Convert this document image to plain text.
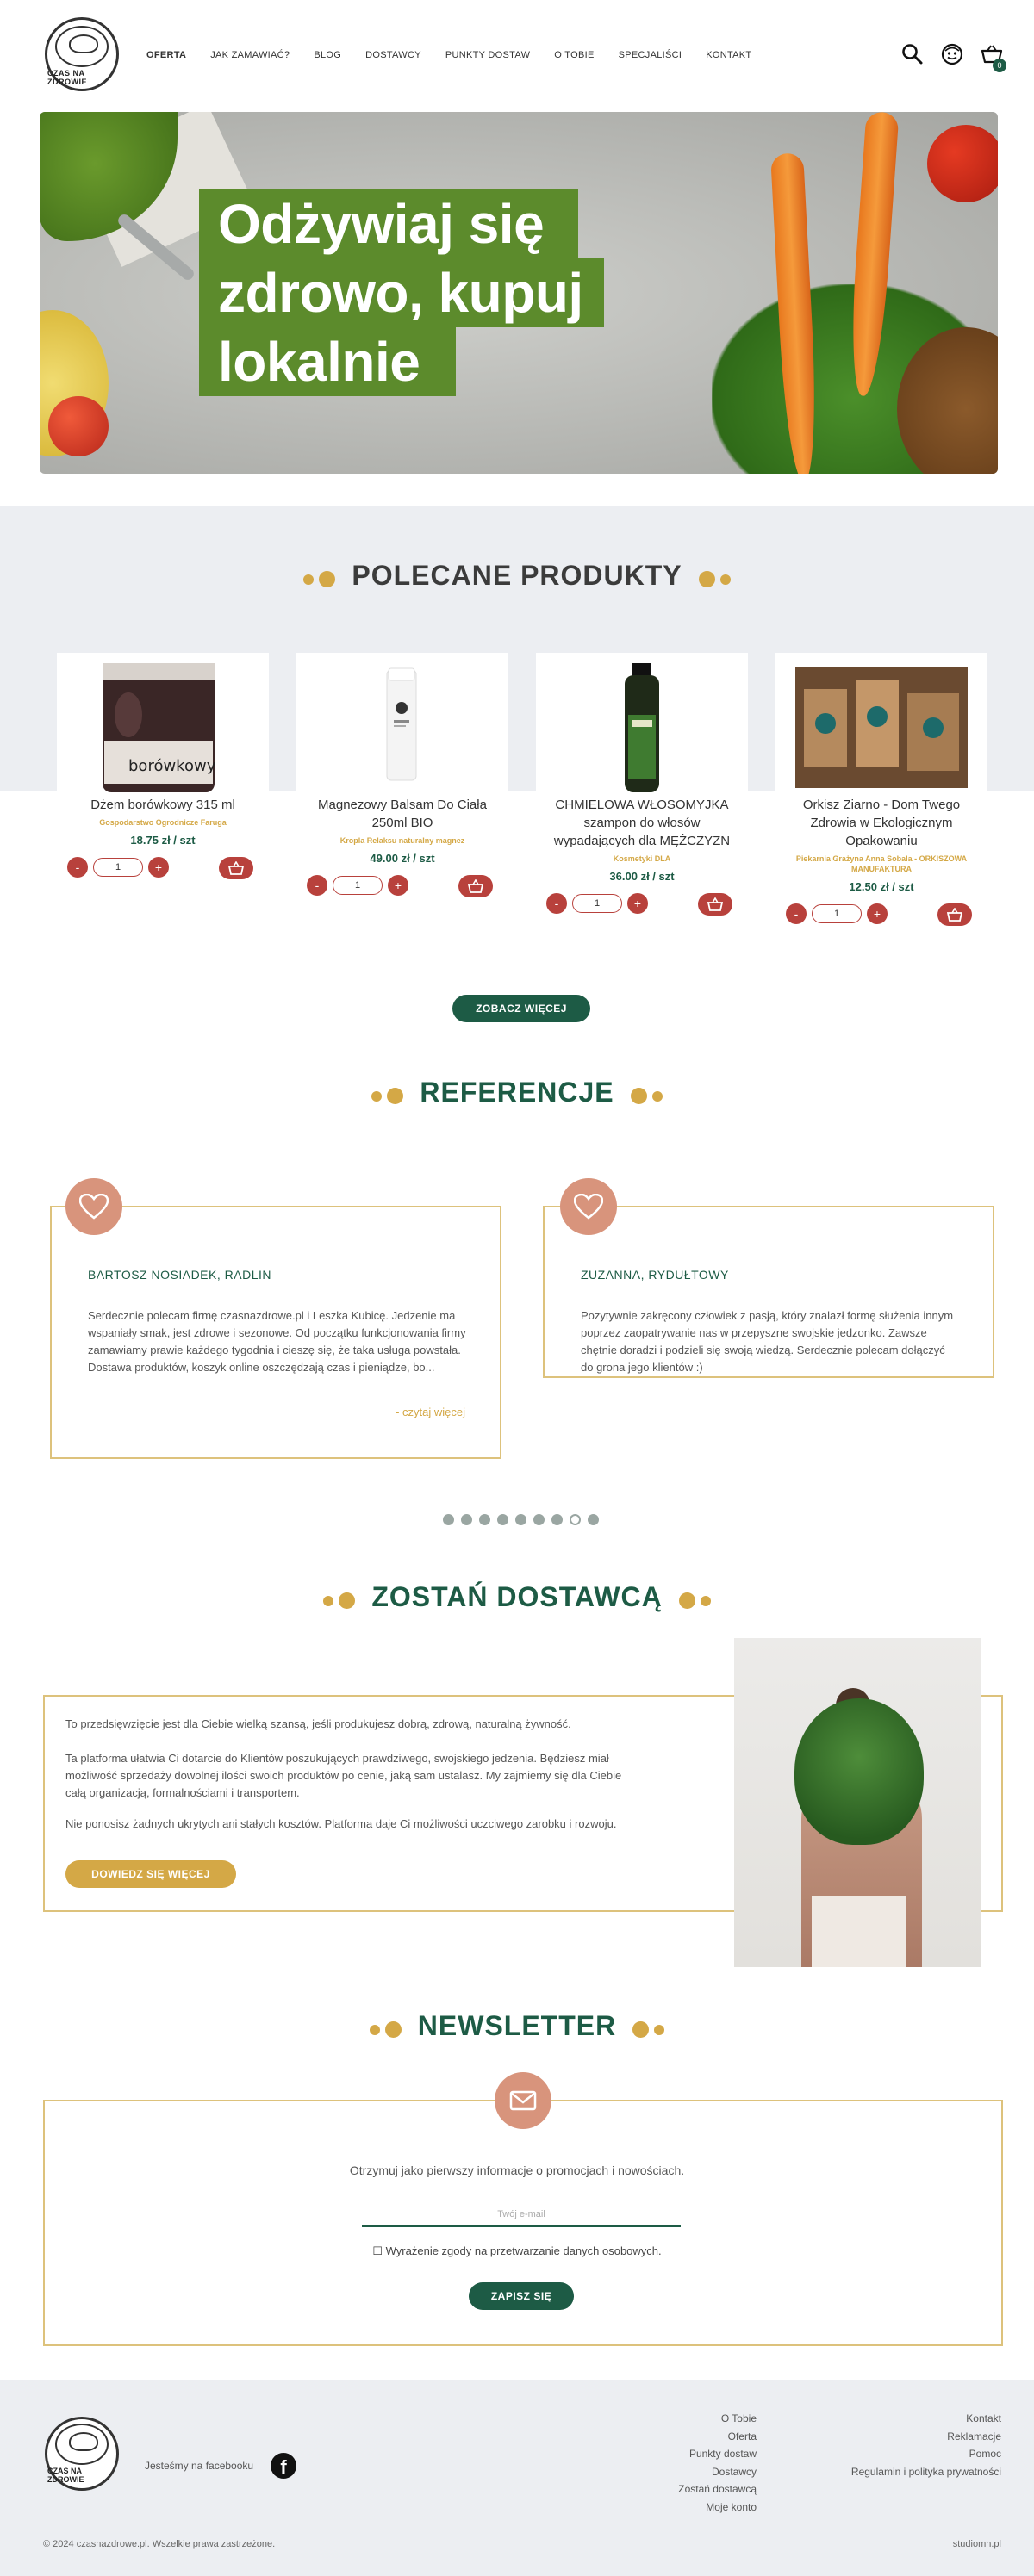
CZAS NA ZDROWIE
OFERTA	JAK ZAMAWIAĆ?	BLOG	DOSTAWCY	PUNKTY DOSTAW	O TOBIE	SPECJALIŚCI	KONTAKT
0
Odżywiaj się
zdrowo, kupuj
lokalnie
POLECANE PRODUKTY
borówkowy
Dżem borówkowy 315 ml
Gospodarstwo Ogrodnicze Faruga
18.75 zł / szt
-	1	+
Magnezowy Balsam Do Ciała 250ml BIO
Kropla Relaksu naturalny magnez
49.00 zł / szt
-	1	+
CHMIELOWA WŁOSOMYJKA szampon do włosów wypadających dla MĘŻCZYZN
Kosmetyki DLA
36.00 zł / szt
-	1	+
Orkisz Ziarno - Dom Twego Zdrowia w Ekologicznym Opakowaniu
Piekarnia Grażyna Anna Sobala - ORKISZOWA MANUFAKTURA
12.50 zł / szt
-	1	+
ZOBACZ WIĘCEJ
REFERENCJE
BARTOSZ NOSIADEK, RADLIN
Serdecznie polecam firmę czasnazdrowe.pl i Leszka Kubicę. Jedzenie ma wspaniały smak, jest zdrowe i sezonowe. Od początku funkcjonowania firmy zamawiamy prawie każdego tygodnia i cieszę się, że taka usługa powstała. Dostawa produktów, koszyk online oszczędzają czas i pieniądze, bo...
- czytaj więcej
ZUZANNA, RYDUŁTOWY
Pozytywnie zakręcony człowiek z pasją, który znalazł formę służenia innym poprzez zaopatrywanie nas w przepyszne swojskie jedzonko. Zawsze chętnie doradzi i podzieli się swoją wiedzą. Serdecznie polecam dołączyć do grona jego klientów :)
ZOSTAŃ DOSTAWCĄ

To przedsięwzięcie jest dla Ciebie wielką szansą, jeśli produkujesz dobrą, zdrową, naturalną żywność.

Ta platforma ułatwia Ci dotarcie do Klientów poszukujących prawdziwego, swojskiego jedzenia. Będziesz miał możliwość sprzedaży dowolnej ilości swoich produktów po cenie, jaką sam ustalasz. My zajmiemy się dla Ciebie całą organizacją, formalnościami i transportem.

Nie ponosisz żadnych ukrytych ani stałych kosztów. Platforma daje Ci możliwości uczciwego zarobku i rozwoju.

DOWIEDZ SIĘ WIĘCEJ
NEWSLETTER
Otrzymuj jako pierwszy informacje o promocjach i nowościach.
Twój e-mail
☐ Wyrażenie zgody na przetwarzanie danych osobowych.
ZAPISZ SIĘ
CZAS NA ZDROWIE
Jesteśmy na facebooku	f
O Tobie
Oferta
Punkty dostaw
Dostawcy
Zostań dostawcą
Moje konto
Kontakt
Reklamacje
Pomoc
Regulamin i polityka prywatności
© 2024 czasnazdrowe.pl. Wszelkie prawa zastrzeżone.	studiomh.pl
